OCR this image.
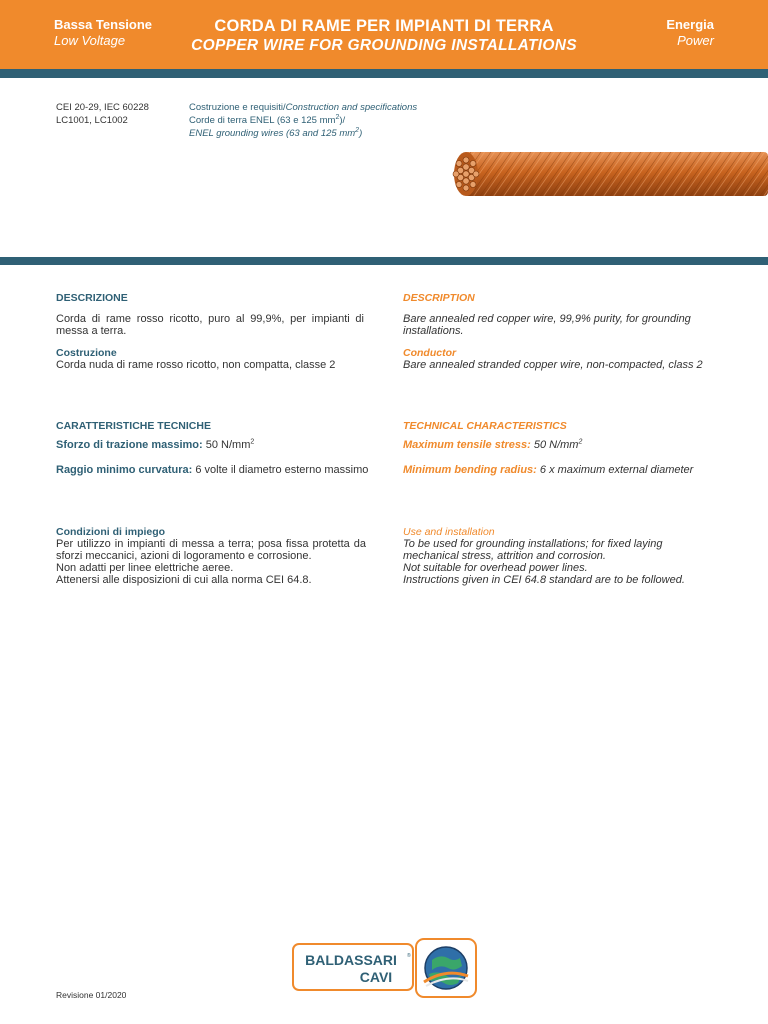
Bassa Tensione
Low Voltage
CORDA DI RAME PER IMPIANTI DI TERRA
COPPER WIRE FOR GROUNDING INSTALLATIONS
Energia
Power
CEI 20-29, IEC 60228
LC1001, LC1002
Costruzione e requisiti/Construction and specifications
Corde di terra ENEL (63 e 125 $mm^2)/$
ENEL grounding wires (63 and 125 $mm^2$)
DESCRIZIONE
Corda di rame rosso ricotto, puro al 99,9%, per impianti di messa a terra.
Costruzione
Corda nuda di rame rosso ricotto, non compatta, classe 2
CARATTERISTICHE TECNICHE
Sforzo di trazione massimo: 50 $N/mm^2$
Raggio minimo curvatura: 6 volte il diametro esterno massimo
Condizioni di impiego
Per utilizzo in impianti di messa a terra; posa fissa protetta da sforzi meccanici, azioni di logoramento e corrosione.
Non adatti per linee elettriche aeree.
Attenersi alle disposizioni di cui alla norma CEI 64.8.
DESCRIPTION
Bare annealed red copper wire, 99,9% purity, for grounding installations.
Conductor
Bare annealed stranded copper wire, non-compacted, class 2
TECHNICAL CHARACTERISTICS
Maximum tensile stress: 50 $N/mm^2$
Minimum bending radius: 6 x maximum external diameter
Use and installation
To be used for grounding installations; for fixed laying mechanical stress, attrition and corrosion.
Not suitable for overhead power lines.
Instructions given in CEI 64.8 standard are to be followed.
BALDASSARI ®
CAVI
Revisione 01/2020
